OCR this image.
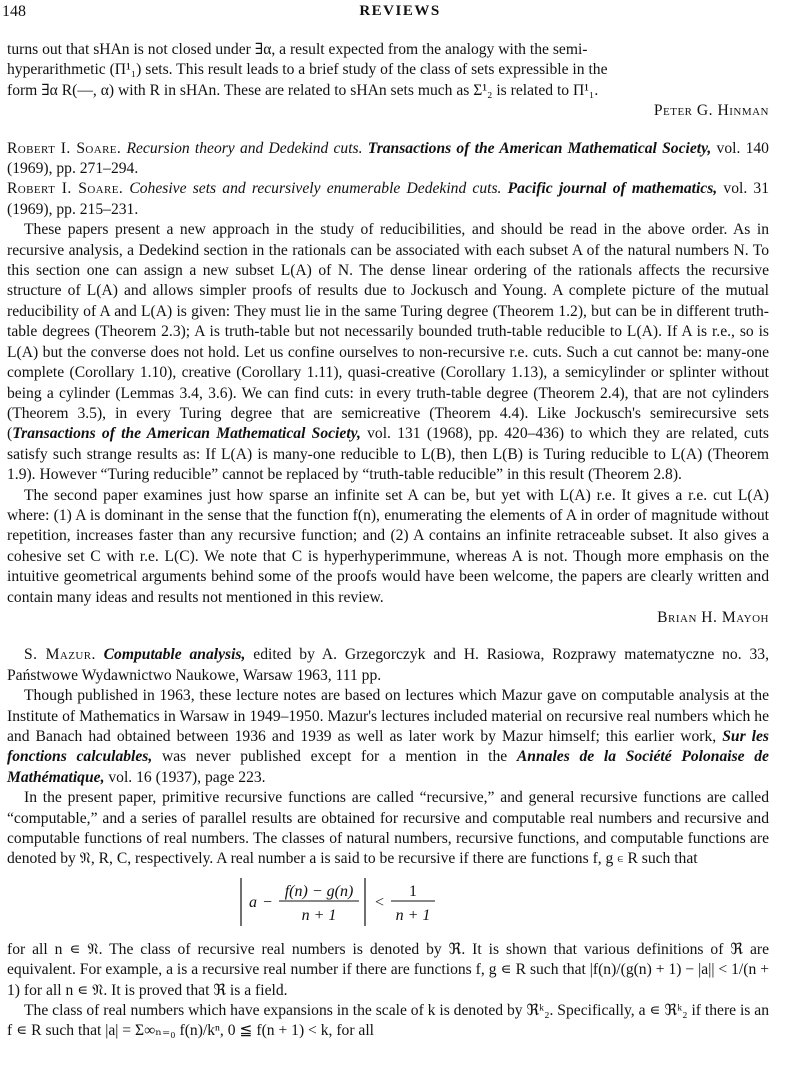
148	REVIEWS

turns out that sHAn is not closed under ∃α, a result expected from the analogy with the semi-

hyperarithmetic (Π¹₁) sets. This result leads to a brief study of the class of sets expressible in the

form ∃α R(—, α) with R in sHAn. These are related to sHAn sets much as Σ¹₂ is related to Π¹₁.

Peter G. Hinman

Robert I. Soare. Recursion theory and Dedekind cuts. Transactions of the American Mathematical Society, vol. 140 (1969), pp. 271–294.

Robert I. Soare. Cohesive sets and recursively enumerable Dedekind cuts. Pacific journal of mathematics, vol. 31 (1969), pp. 215–231.

These papers present a new approach in the study of reducibilities, and should be read in the above order. As in recursive analysis, a Dedekind section in the rationals can be associated with each subset A of the natural numbers N. To this section one can assign a new subset L(A) of N. The dense linear ordering of the rationals affects the recursive structure of L(A) and allows simpler proofs of results due to Jockusch and Young. A complete picture of the mutual reducibility of A and L(A) is given: They must lie in the same Turing degree (Theorem 1.2), but can be in different truth-table degrees (Theorem 2.3); A is truth-table but not necessarily bounded truth-table reducible to L(A). If A is r.e., so is L(A) but the converse does not hold. Let us confine ourselves to non-recursive r.e. cuts. Such a cut cannot be: many-one complete (Corollary 1.10), creative (Corollary 1.11), quasi-creative (Corollary 1.13), a semicylinder or splinter without being a cylinder (Lemmas 3.4, 3.6). We can find cuts: in every truth-table degree (Theorem 2.4), that are not cylinders (Theorem 3.5), in every Turing degree that are semicreative (Theorem 4.4). Like Jockusch's semirecursive sets (Transactions of the American Mathematical Society, vol. 131 (1968), pp. 420–436) to which they are related, cuts satisfy such strange results as: If L(A) is many-one reducible to L(B), then L(B) is Turing reducible to L(A) (Theorem 1.9). However “Turing reducible” cannot be replaced by “truth-table reducible” in this result (Theorem 2.8).

The second paper examines just how sparse an infinite set A can be, but yet with L(A) r.e. It gives a r.e. cut L(A) where: (1) A is dominant in the sense that the function f(n), enumerating the elements of A in order of magnitude without repetition, increases faster than any recursive function; and (2) A contains an infinite retraceable subset. It also gives a cohesive set C with r.e. L(C). We note that C is hyperhyperimmune, whereas A is not. Though more emphasis on the intuitive geometrical arguments behind some of the proofs would have been welcome, the papers are clearly written and contain many ideas and results not mentioned in this review.

Brian H. Mayoh

S. Mazur. Computable analysis, edited by A. Grzegorczyk and H. Rasiowa, Rozprawy matematyczne no. 33, Państwowe Wydawnictwo Naukowe, Warsaw 1963, 111 pp.

Though published in 1963, these lecture notes are based on lectures which Mazur gave on computable analysis at the Institute of Mathematics in Warsaw in 1949–1950. Mazur's lectures included material on recursive real numbers which he and Banach had obtained between 1936 and 1939 as well as later work by Mazur himself; this earlier work, Sur les fonctions calculables, was never published except for a mention in the Annales de la Société Polonaise de Mathématique, vol. 16 (1937), page 223.

In the present paper, primitive recursive functions are called “recursive,” and general recursive functions are called “computable,” and a series of parallel results are obtained for recursive and computable real numbers and recursive and computable functions of real numbers. The classes of natural numbers, recursive functions, and computable functions are denoted by 𝔑, R, C, respectively. A real number a is said to be recursive if there are functions f, g ∊ R such that

a −
f(n) − g(n)
n + 1
<
1
n + 1

for all n ∊ 𝔑. The class of recursive real numbers is denoted by ℜ. It is shown that various definitions of ℜ are equivalent. For example, a is a recursive real number if there are functions f, g ∊ R such that |f(n)/(g(n) + 1) − |a|| < 1/(n + 1) for all n ∊ 𝔑. It is proved that ℜ is a field.

The class of real numbers which have expansions in the scale of k is denoted by ℜᵏ₂. Specifically, a ∊ ℜᵏ₂ if there is an f ∊ R such that |a| = Σ∞ₙ₌₀ f(n)/kⁿ, 0 ≦ f(n + 1) < k, for all
